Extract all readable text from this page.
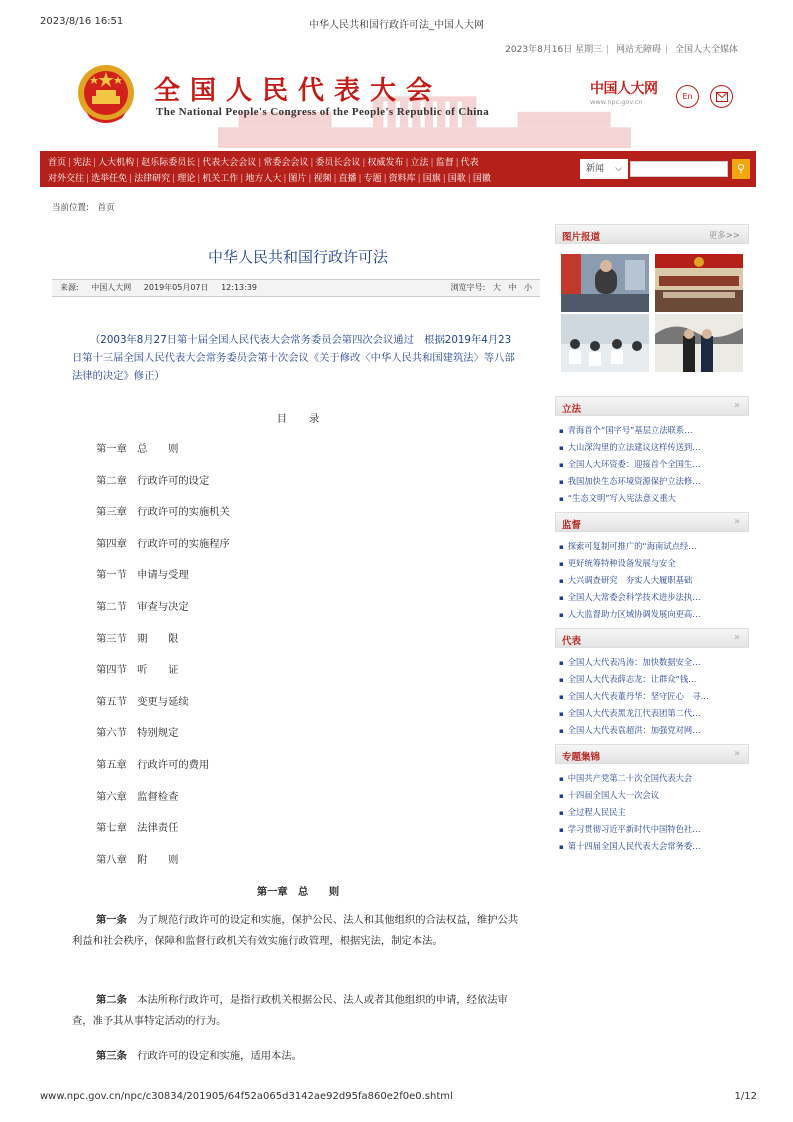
2023/8/16 16:51	中华人民共和国行政许可法_中国人大网
2023年8月16日 星期三 | 网站无障碍 | 全国人大全媒体
全国人民代表大会
The National People's Congress of the People's Republic of China
中国人大网
www.npc.gov.cn
En
首页 | 宪法 | 人大机构 | 赵乐际委员长 | 代表大会会议 | 常委会会议 | 委员长会议 | 权威发布 | 立法 | 监督 | 代表
对外交往 | 选举任免 | 法律研究 | 理论 | 机关工作 | 地方人大 | 图片 | 视频 | 直播 | 专题 | 资料库 | 国旗 | 国歌 | 国徽
新闻 ⌵	⚲
当前位置: 首页
中华人民共和国行政许可法
来源: 中国人大网 2019年05月07日 12:13:39	浏览字号: 大 中 小
（2003年8月27日第十届全国人民代表大会常务委员会第四次会议通过　根据2019年4月23日第十三届全国人民代表大会常务委员会第十次会议《关于修改〈中华人民共和国建筑法〉等八部法律的决定》修正）
目录
第一章　总　　则
第二章　行政许可的设定
第三章　行政许可的实施机关
第四章　行政许可的实施程序
第一节　申请与受理
第二节　审查与决定
第三节　期　　限
第四节　听　　证
第五节　变更与延续
第六节　特别规定
第五章　行政许可的费用
第六章　监督检查
第七章　法律责任
第八章　附　　则
第一章　总　　则
第一条　 为了规范行政许可的设定和实施，保护公民、法人和其他组织的合法权益，维护公共利益和社会秩序，保障和监督行政机关有效实施行政管理，根据宪法，制定本法。
第二条　 本法所称行政许可，是指行政机关根据公民、法人或者其他组织的申请，经依法审查，准予其从事特定活动的行为。
第三条　 行政许可的设定和实施，适用本法。
图片报道	更多>>
立法	»
▪ 青海首个“国字号”基层立法联系…
▪ 大山深沟里的立法建议这样传送到…
▪ 全国人大环资委：迎接首个全国生…
▪ 我国加快生态环境资源保护立法修…
▪ “生态文明”写入宪法意义重大
监督	»
▪ 探索可复制可推广的“海南试点经…
▪ 更好统筹特种设备发展与安全
▪ 大兴调查研究　夯实人大履职基础
▪ 全国人大常委会科学技术进步法执…
▪ 人大监督助力区域协调发展向更高…
代表	»
▪ 全国人大代表冯涛：加快数据安全…
▪ 全国人大代表薛志龙：让群众“钱…
▪ 全国人大代表董丹华：坚守匠心　寻…
▪ 全国人大代表黑龙江代表团第二代…
▪ 全国人大代表袁超洪：加强党对网…
专题集锦	»
▪ 中国共产党第二十次全国代表大会
▪ 十四届全国人大一次会议
▪ 全过程人民民主
▪ 学习贯彻习近平新时代中国特色社…
▪ 第十四届全国人民代表大会常务委…
www.npc.gov.cn/npc/c30834/201905/64f52a065d3142ae92d95fa860e2f0e0.shtml	1/12
